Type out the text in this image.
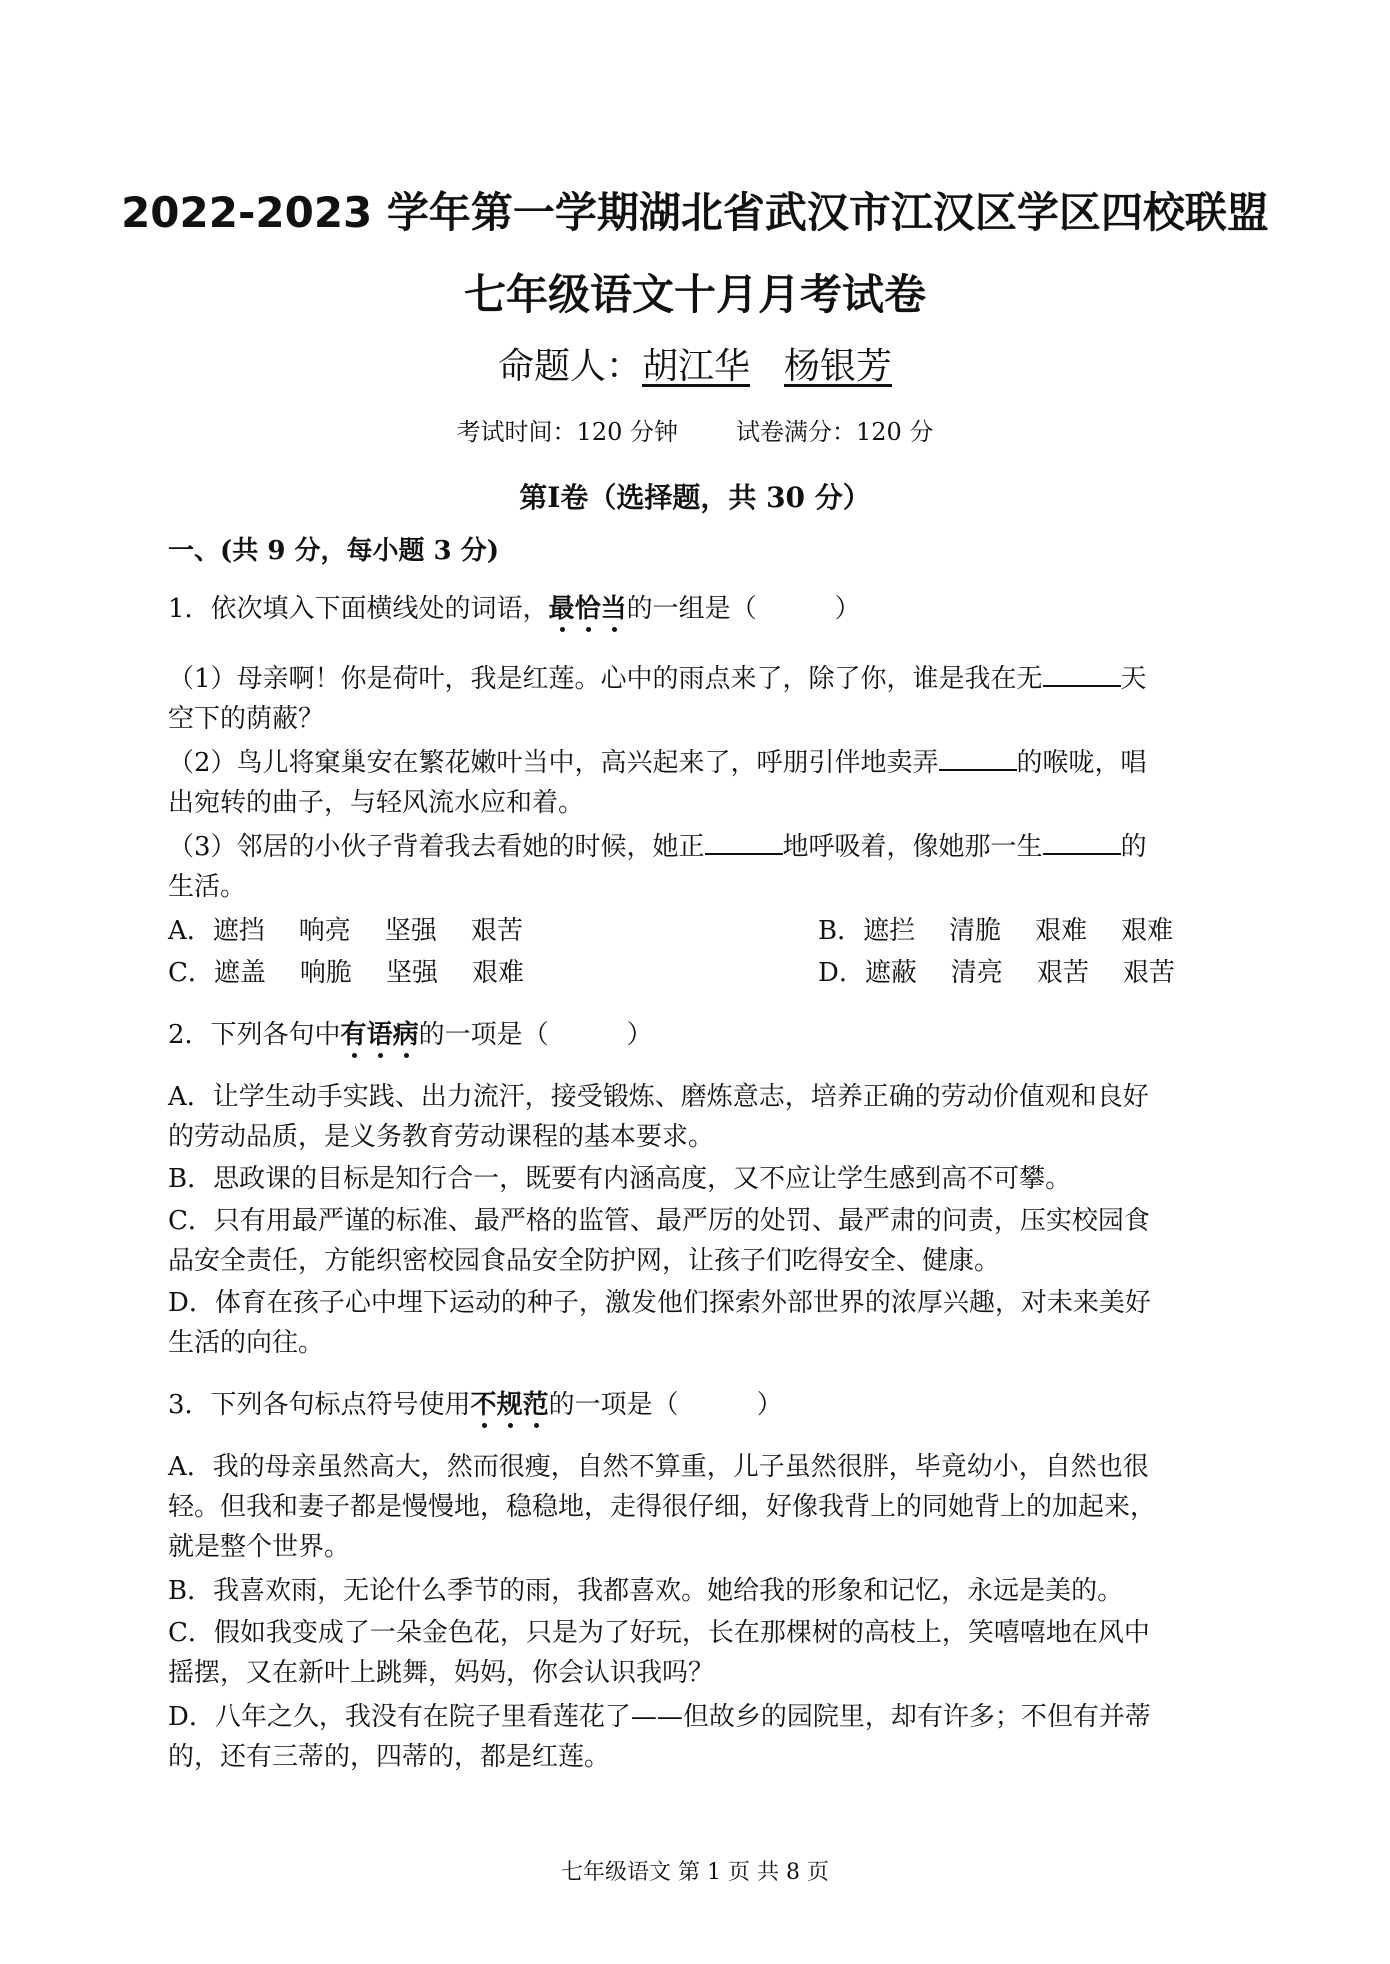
2022-2023 学年第一学期湖北省武汉市江汉区学区四校联盟
七年级语文十月月考试卷
命题人：胡江华 杨银芳
考试时间：120 分钟 试卷满分：120 分
第Ⅰ卷（选择题，共 30 分）
一、(共 9 分，每小题 3 分)
1．依次填入下面横线处的词语，最恰当的一组是（　　　）
（1）母亲啊！你是荷叶，我是红莲。心中的雨点来了，除了你，谁是我在无	天
空下的荫蔽？
（2）鸟儿将窠巢安在繁花嫩叶当中，高兴起来了，呼朋引伴地卖弄	的喉咙，唱
出宛转的曲子，与轻风流水应和着。
（3）邻居的小伙子背着我去看她的时候，她正	地呼吸着，像她那一生	的
生活。
A．遮挡 响亮 坚强 艰苦	B．遮拦 清脆 艰难 艰难
C．遮盖 响脆 坚强 艰难	D．遮蔽 清亮 艰苦 艰苦
2．下列各句中有语病的一项是（　　　）
A．让学生动手实践、出力流汗，接受锻炼、磨炼意志，培养正确的劳动价值观和良好
的劳动品质，是义务教育劳动课程的基本要求。
B．思政课的目标是知行合一，既要有内涵高度，又不应让学生感到高不可攀。
C．只有用最严谨的标准、最严格的监管、最严厉的处罚、最严肃的问责，压实校园食
品安全责任，方能织密校园食品安全防护网，让孩子们吃得安全、健康。
D．体育在孩子心中埋下运动的种子，激发他们探索外部世界的浓厚兴趣，对未来美好
生活的向往。
3．下列各句标点符号使用不规范的一项是（　　　）
A．我的母亲虽然高大，然而很瘦，自然不算重，儿子虽然很胖，毕竟幼小，自然也很
轻。但我和妻子都是慢慢地，稳稳地，走得很仔细，好像我背上的同她背上的加起来，
就是整个世界。
B．我喜欢雨，无论什么季节的雨，我都喜欢。她给我的形象和记忆，永远是美的。
C．假如我变成了一朵金色花，只是为了好玩，长在那棵树的高枝上，笑嘻嘻地在风中
摇摆，又在新叶上跳舞，妈妈，你会认识我吗？
D．八年之久，我没有在院子里看莲花了——但故乡的园院里，却有许多；不但有并蒂
的，还有三蒂的，四蒂的，都是红莲。
七年级语文 第 1 页 共 8 页
